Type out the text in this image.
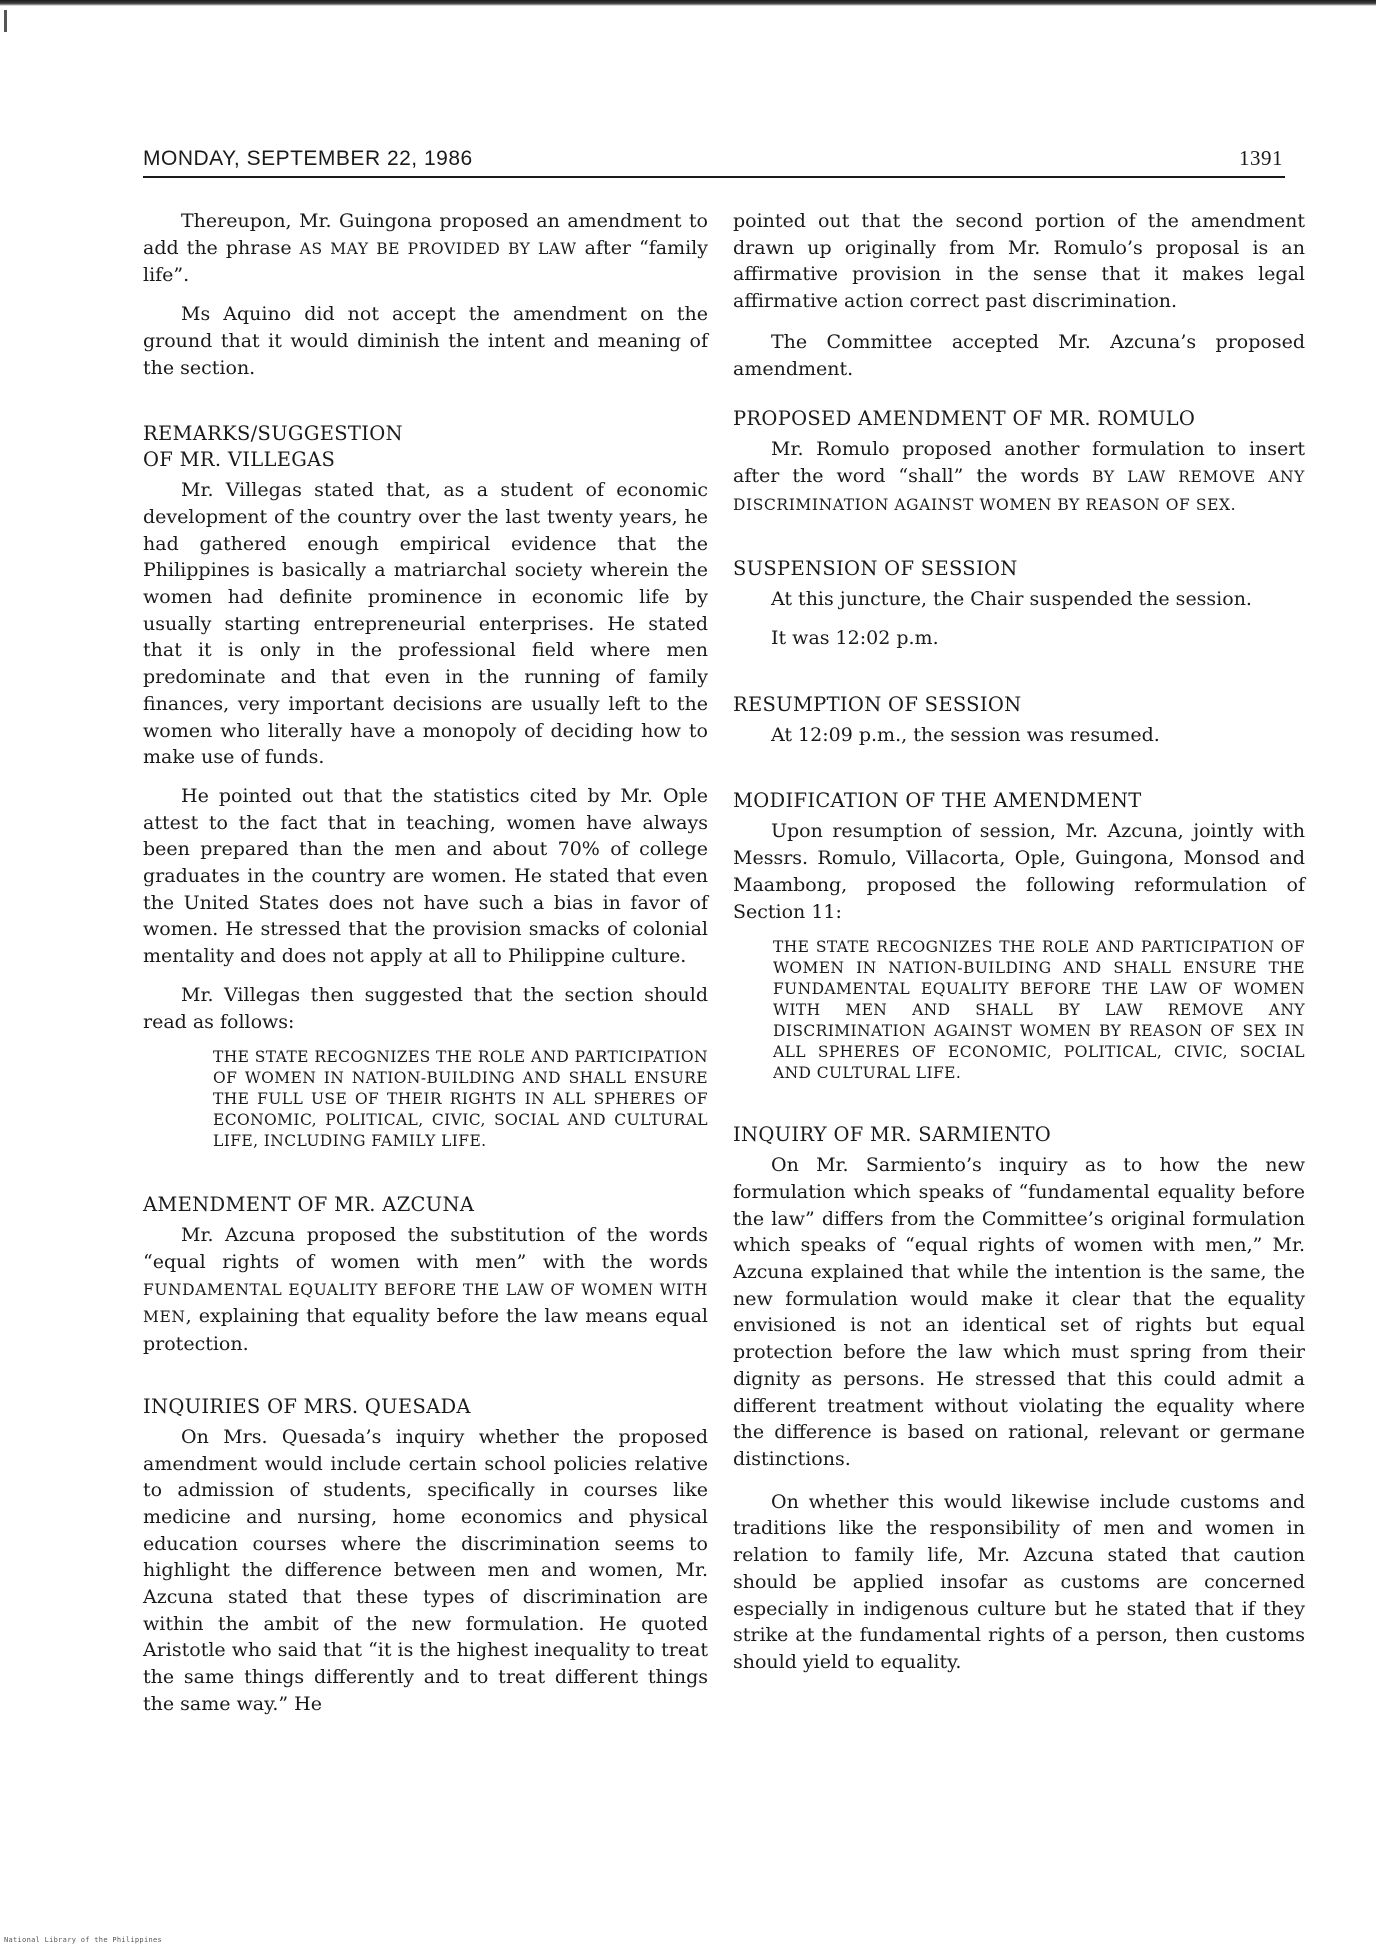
MONDAY, SEPTEMBER 22, 1986	1391

Thereupon, Mr. Guingona proposed an amendment to add the phrase AS MAY BE PROVIDED BY LAW after “family life”.

Ms Aquino did not accept the amendment on the ground that it would diminish the intent and meaning of the section.

REMARKS/SUGGESTION
OF MR. VILLEGAS

Mr. Villegas stated that, as a student of economic development of the country over the last twenty years, he had gathered enough empirical evidence that the Philippines is basically a matriarchal society wherein the women had definite prominence in economic life by usually starting entrepreneurial enterprises. He stated that it is only in the professional field where men predominate and that even in the running of family finances, very important decisions are usually left to the women who literally have a monopoly of deciding how to make use of funds.

He pointed out that the statistics cited by Mr. Ople attest to the fact that in teaching, women have always been prepared than the men and about 70% of college graduates in the country are women. He stated that even the United States does not have such a bias in favor of women. He stressed that the provision smacks of colonial mentality and does not apply at all to Philippine culture.

Mr. Villegas then suggested that the section should read as follows:

THE STATE RECOGNIZES THE ROLE AND PARTICIPATION OF WOMEN IN NATION-BUILDING AND SHALL ENSURE THE FULL USE OF THEIR RIGHTS IN ALL SPHERES OF ECONOMIC, POLITICAL, CIVIC, SOCIAL AND CULTURAL LIFE, INCLUDING FAMILY LIFE.
AMENDMENT OF MR. AZCUNA

Mr. Azcuna proposed the substitution of the words “equal rights of women with men” with the words FUNDAMENTAL EQUALITY BEFORE THE LAW OF WOMEN WITH MEN, explaining that equality before the law means equal protection.

INQUIRIES OF MRS. QUESADA

On Mrs. Quesada’s inquiry whether the proposed amendment would include certain school policies relative to admission of students, specifically in courses like medicine and nursing, home economics and physical education courses where the discrimination seems to highlight the difference between men and women, Mr. Azcuna stated that these types of discrimination are within the ambit of the new formulation. He quoted Aristotle who said that “it is the highest inequality to treat the same things differently and to treat different things the same way.” He

pointed out that the second portion of the amendment drawn up originally from Mr. Romulo’s proposal is an affirmative provision in the sense that it makes legal affirmative action correct past discrimination.

The Committee accepted Mr. Azcuna’s proposed amendment.

PROPOSED AMENDMENT OF MR. ROMULO

Mr. Romulo proposed another formulation to insert after the word “shall” the words BY LAW REMOVE ANY DISCRIMINATION AGAINST WOMEN BY REASON OF SEX.

SUSPENSION OF SESSION

At this juncture, the Chair suspended the session.

It was 12:02 p.m.

RESUMPTION OF SESSION

At 12:09 p.m., the session was resumed.

MODIFICATION OF THE AMENDMENT

Upon resumption of session, Mr. Azcuna, jointly with Messrs. Romulo, Villacorta, Ople, Guingona, Monsod and Maambong, proposed the following reformulation of Section 11:

THE STATE RECOGNIZES THE ROLE AND PARTICIPATION OF WOMEN IN NATION-BUILDING AND SHALL ENSURE THE FUNDAMENTAL EQUALITY BEFORE THE LAW OF WOMEN WITH MEN AND SHALL BY LAW REMOVE ANY DISCRIMINATION AGAINST WOMEN BY REASON OF SEX IN ALL SPHERES OF ECONOMIC, POLITICAL, CIVIC, SOCIAL AND CULTURAL LIFE.
INQUIRY OF MR. SARMIENTO

On Mr. Sarmiento’s inquiry as to how the new formulation which speaks of “fundamental equality before the law” differs from the Committee’s original formulation which speaks of “equal rights of women with men,” Mr. Azcuna explained that while the intention is the same, the new formulation would make it clear that the equality envisioned is not an identical set of rights but equal protection before the law which must spring from their dignity as persons. He stressed that this could admit a different treatment without violating the equality where the difference is based on rational, relevant or germane distinctions.

On whether this would likewise include customs and traditions like the responsibility of men and women in relation to family life, Mr. Azcuna stated that caution should be applied insofar as customs are concerned especially in indigenous culture but he stated that if they strike at the fundamental rights of a person, then customs should yield to equality.

National Library of the Philippines
